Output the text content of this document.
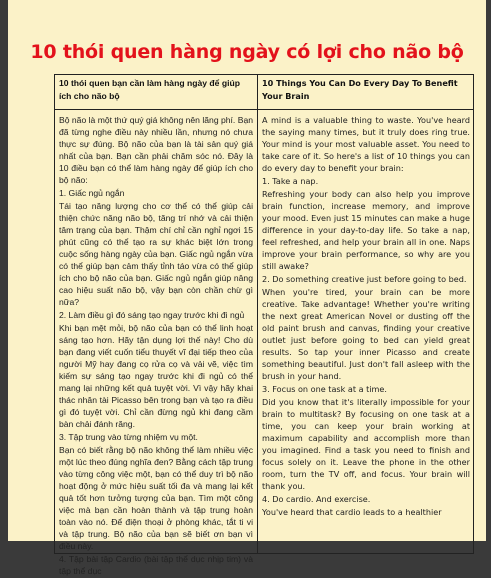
10 thói quen hàng ngày có lợi cho não bộ
10 thói quen bạn cần làm hàng ngày để giúp ích cho não bộ

Bộ não là một thứ quý giá không nên lãng phí. Bạn đã từng nghe điều này nhiều lần, nhưng nó chưa thực sự đúng. Bộ não của bạn là tài sản quý giá nhất của bạn. Bạn cần phải chăm sóc nó. Đây là 10 điều bạn có thể làm hàng ngày để giúp ích cho bộ não:

1. Giấc ngủ ngắn

Tái tạo năng lượng cho cơ thể có thể giúp cải thiện chức năng não bộ, tăng trí nhớ và cải thiện tâm trạng của bạn. Thậm chí chỉ cần nghỉ ngơi 15 phút cũng có thể tạo ra sự khác biệt lớn trong cuộc sống hàng ngày của bạn. Giấc ngủ ngắn vừa có thể giúp bạn cảm thấy tỉnh táo vừa có thể giúp ích cho bộ não của bạn. Giấc ngủ ngắn giúp nâng cao hiệu suất não bộ, vậy bạn còn chần chừ gì nữa?

2. Làm điều gì đó sáng tạo ngay trước khi đi ngủ

Khi bạn mệt mỏi, bộ não của bạn có thể linh hoạt sáng tạo hơn. Hãy tận dụng lợi thế này! Cho dù bạn đang viết cuốn tiểu thuyết vĩ đại tiếp theo của người Mỹ hay đang cọ rửa cọ và vải vẽ, việc tìm kiếm sự sáng tạo ngay trước khi đi ngủ có thể mang lại những kết quả tuyệt vời. Vì vậy hãy khai thác nhân tài Picasso bên trong bạn và tạo ra điều gì đó tuyệt vời. Chỉ cần đừng ngủ khi đang cầm bàn chải đánh răng.

3. Tập trung vào từng nhiệm vụ một.

Bạn có biết rằng bộ não không thể làm nhiều việc một lúc theo đúng nghĩa đen? Bằng cách tập trung vào từng công việc một, bạn có thể duy trì bộ não hoạt động ở mức hiệu suất tối đa và mang lại kết quả tốt hơn tưởng tượng của bạn. Tìm một công việc mà bạn cần hoàn thành và tập trung hoàn toàn vào nó. Để điện thoại ở phòng khác, tắt ti vi và tập trung. Bộ não của bạn sẽ biết ơn bạn vì điều này.

4. Tập bài tập Cardio (bài tập thể dục nhịp tim) và tập thể dục

10 Things You Can Do Every Day To Benefit Your Brain

A mind is a valuable thing to waste. You've heard the saying many times, but it truly does ring true. Your mind is your most valuable asset. You need to take care of it. So here's a list of 10 things you can do every day to benefit your brain:

1. Take a nap.

Refreshing your body can also help you improve brain function, increase memory, and improve your mood. Even just 15 minutes can make a huge difference in your day-to-day life. So take a nap, feel refreshed, and help your brain all in one. Naps improve your brain performance, so why are you still awake?

2. Do something creative just before going to bed.

When you're tired, your brain can be more creative. Take advantage! Whether you're writing the next great American Novel or dusting off the old paint brush and canvas, finding your creative outlet just before going to bed can yield great results. So tap your inner Picasso and create something beautiful. Just don't fall asleep with the brush in your hand.

3. Focus on one task at a time.

Did you know that it's literally impossible for your brain to multitask? By focusing on one task at a time, you can keep your brain working at maximum capability and accomplish more than you imagined. Find a task you need to finish and focus solely on it. Leave the phone in the other room, turn the TV off, and focus. Your brain will thank you.

4. Do cardio. And exercise.

You've heard that cardio leads to a healthier
